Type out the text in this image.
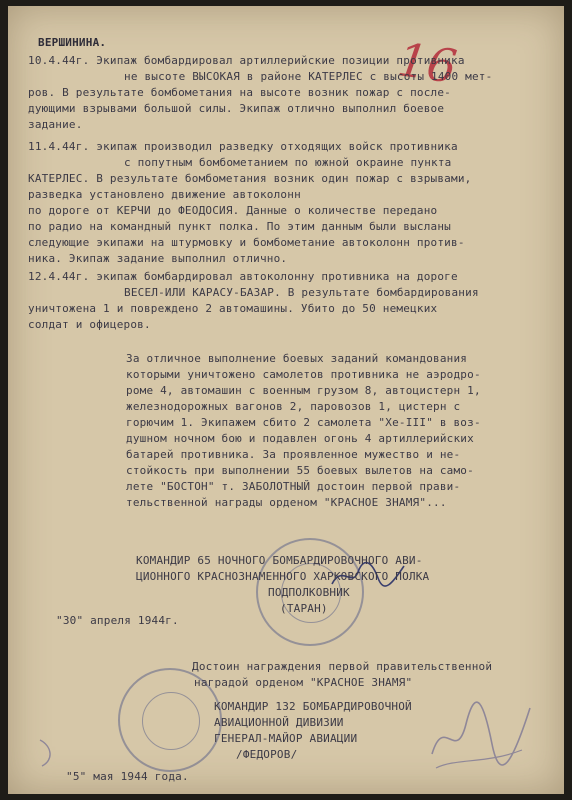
16
ВЕРШИНИНА.
10.4.44г. Экипаж бомбардировал артиллерийские позиции противника
не высоте ВЫСОКАЯ в районе КАТЕРЛЕС с высоты 1400 мет-
ров. В результате бомбометания на высоте возник пожар с после-
дующими взрывами большой силы. Экипаж отлично выполнил боевое
задание.
11.4.44г. экипаж производил разведку отходящих войск противника
с попутным бомбометанием по южной окраине пункта
КАТЕРЛЕС. В результате бомбометания возник один пожар с взрывами,
разведка установлено движение автоколонн
по дороге от КЕРЧИ до ФЕОДОСИЯ. Данные о количестве передано
по радио на командный пункт полка. По этим данным были высланы
следующие экипажи на штурмовку и бомбометание автоколонн против-
ника. Экипаж задание выполнил отлично.
12.4.44г. экипаж бомбардировал автоколонну противника на дороге
ВЕСЕЛ-ИЛИ КАРАСУ-БАЗАР. В результате бомбардирования
уничтожена 1 и повреждено 2 автомашины. Убито до 50 немецких
солдат и офицеров.
За отличное выполнение боевых заданий командования
которыми уничтожено самолетов противника не аэродро-
роме 4, автомашин с военным грузом 8, автоцистерн 1,
железнодорожных вагонов 2, паровозов 1, цистерн с
горючим 1. Экипажем сбито 2 самолета "Хе-III" в воз-
душном ночном бою и подавлен огонь 4 артиллерийских
батарей противника. За проявленное мужество и не-
стойкость при выполнении 55 боевых вылетов на само-
лете "БОСТОН" т. ЗАБОЛОТНЫЙ достоин первой прави-
тельственной награды орденом "КРАСНОЕ ЗНАМЯ"...
КОМАНДИР 65 НОЧНОГО БОМБАРДИРОВОЧНОГО АВИ-
ЦИОННОГО КРАСНОЗНАМЕННОГО ХАРКОВСКОГО ПОЛКА
ПОДПОЛКОВНИК
(ТАРАН)
"30" апреля 1944г.
Достоин награждения первой правительственной
наградой орденом "КРАСНОЕ ЗНАМЯ"
КОМАНДИР 132 БОМБАРДИРОВОЧНОЙ
АВИАЦИОННОЙ ДИВИЗИИ
ГЕНЕРАЛ-МАЙОР АВИАЦИИ
/ФЕДОРОВ/
"5" мая 1944 года.
